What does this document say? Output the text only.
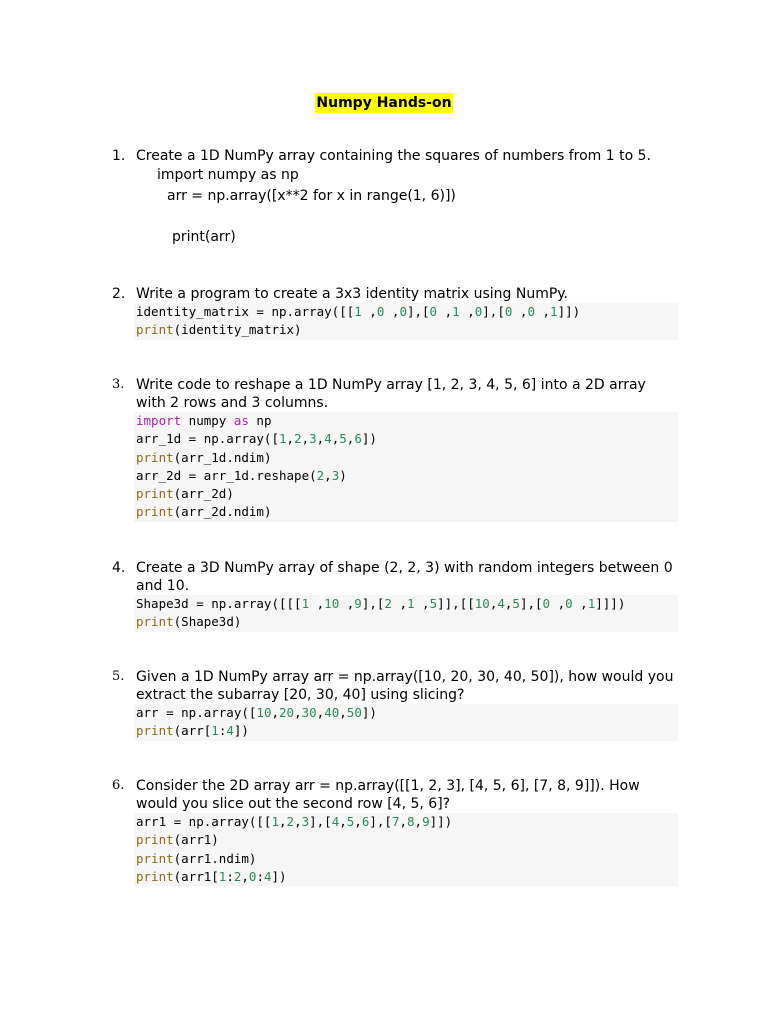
Numpy Hands-on
1. Create a 1D NumPy array containing the squares of numbers from 1 to 5.
import numpy as np
arr = np.array([x**2 for x in range(1, 6)])
print(arr)
2. Write a program to create a 3x3 identity matrix using NumPy.
identity_matrix = np.array([[1 ,0 ,0],[0 ,1 ,0],[0 ,0 ,1]])
print(identity_matrix)
3. Write code to reshape a 1D NumPy array [1, 2, 3, 4, 5, 6] into a 2D array with 2 rows and 3 columns.
import numpy as np
arr_1d = np.array([1,2,3,4,5,6])
print(arr_1d.ndim)
arr_2d = arr_1d.reshape(2,3)
print(arr_2d)
print(arr_2d.ndim)
4. Create a 3D NumPy array of shape (2, 2, 3) with random integers between 0 and 10.
Shape3d = np.array([[[1 ,10 ,9],[2 ,1 ,5]],[[10,4,5],[0 ,0 ,1]]])
print(Shape3d)
5. Given a 1D NumPy array arr = np.array([10, 20, 30, 40, 50]), how would you extract the subarray [20, 30, 40] using slicing?
arr = np.array([10,20,30,40,50])
print(arr[1:4])
6. Consider the 2D array arr = np.array([[1, 2, 3], [4, 5, 6], [7, 8, 9]]). How would you slice out the second row [4, 5, 6]?
arr1 = np.array([[1,2,3],[4,5,6],[7,8,9]])
print(arr1)
print(arr1.ndim)
print(arr1[1:2,0:4])
